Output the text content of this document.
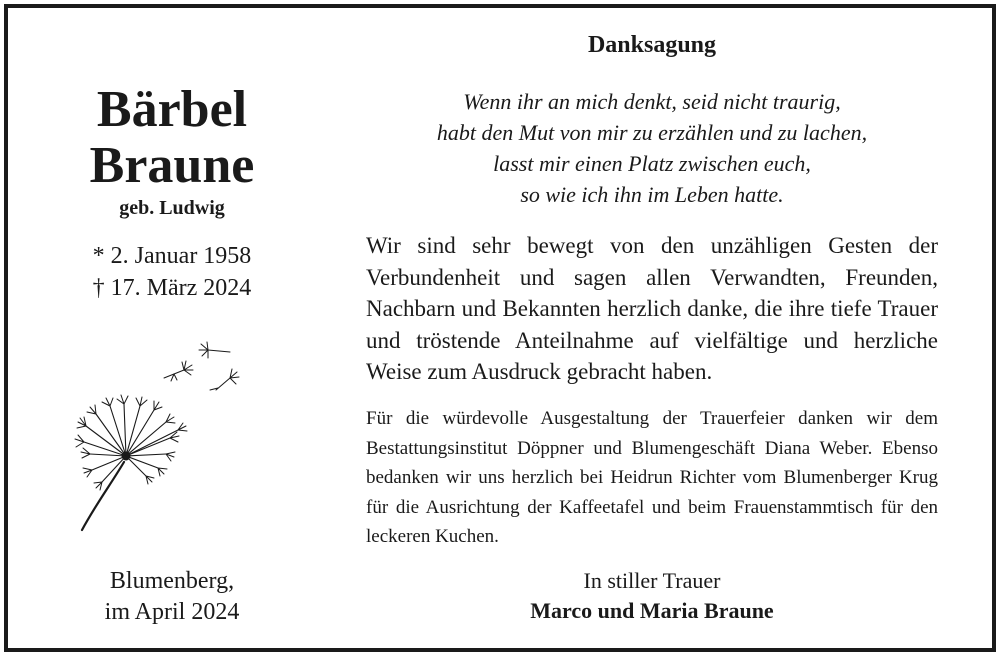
Bärbel
Braune
geb. Ludwig
* 2. Januar 1958
† 17. März 2024
Blumenberg,
im April 2024
Danksagung
Wenn ihr an mich denkt, seid nicht traurig,
habt den Mut von mir zu erzählen und zu lachen,
lasst mir einen Platz zwischen euch,
so wie ich ihn im Leben hatte.
Wir sind sehr bewegt von den unzähligen Gesten der Verbundenheit und sagen allen Verwandten, Freunden, Nachbarn und Bekannten herzlich danke, die ihre tiefe Trauer und tröstende Anteilnahme auf vielfältige und herzliche Weise zum Ausdruck gebracht haben.
Für die würdevolle Ausgestaltung der Trauerfeier danken wir dem Bestattungsinstitut Döppner und Blumengeschäft Diana Weber. Ebenso bedanken wir uns herzlich bei Heidrun Richter vom Blumenberger Krug für die Ausrichtung der Kaffeetafel und beim Frauenstammtisch für den leckeren Kuchen.
In stiller Trauer
Marco und Maria Braune
